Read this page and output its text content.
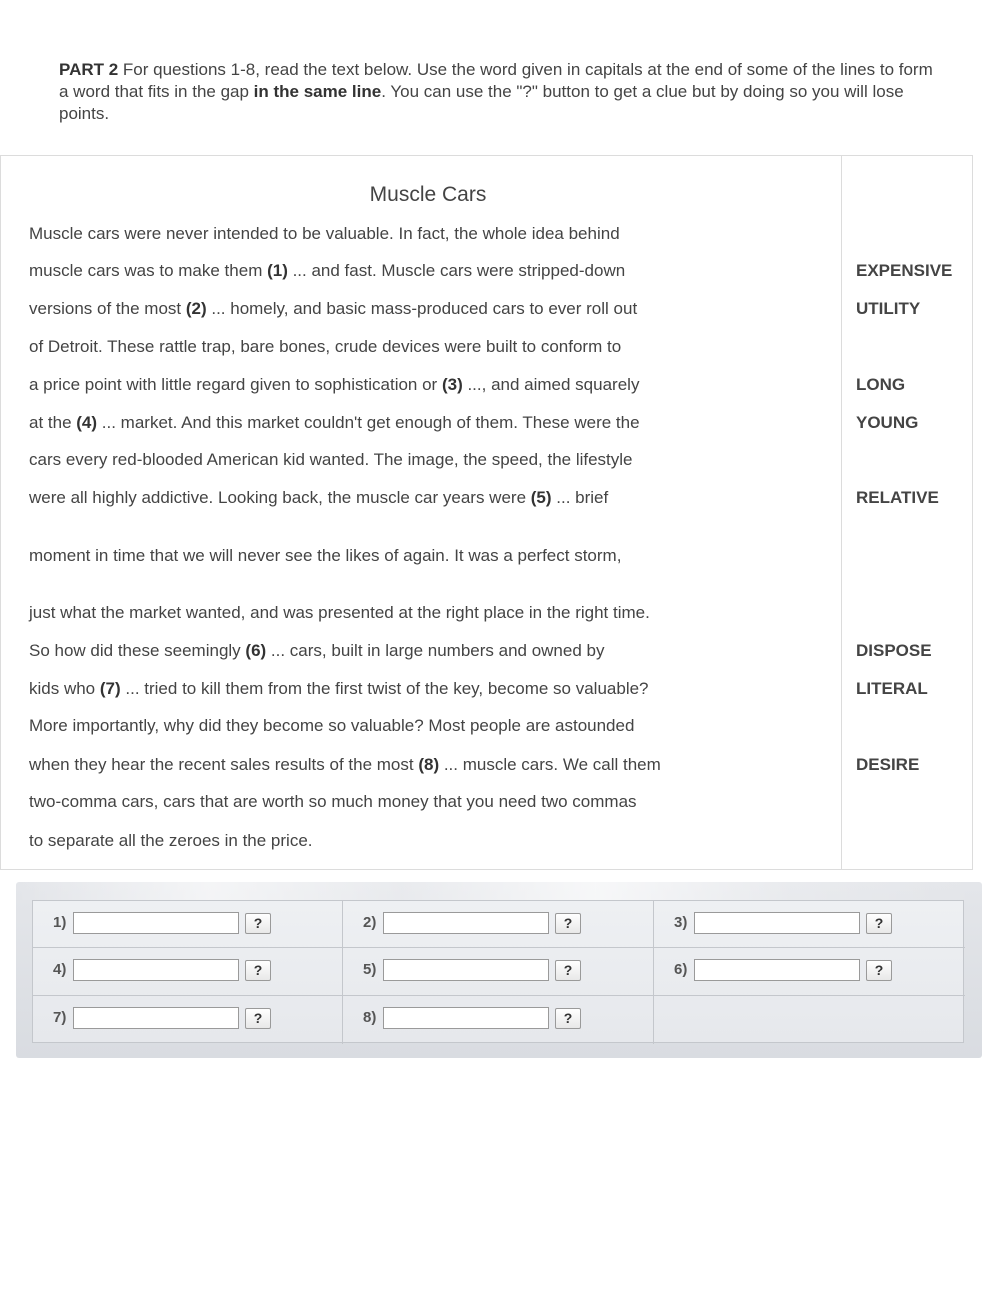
PART 2 For questions 1-8, read the text below. Use the word given in capitals at the end of some of the lines to form a word that fits in the gap in the same line. You can use the "?" button to get a clue but by doing so you will lose points.
Muscle Cars
Muscle cars were never intended to be valuable. In fact, the whole idea behind
muscle cars was to make them (1) ... and fast. Muscle cars were stripped-down
versions of the most (2) ... homely, and basic mass-produced cars to ever roll out
of Detroit. These rattle trap, bare bones, crude devices were built to conform to
a price point with little regard given to sophistication or (3) ..., and aimed squarely
at the (4) ... market. And this market couldn't get enough of them. These were the
cars every red-blooded American kid wanted. The image, the speed, the lifestyle
were all highly addictive. Looking back, the muscle car years were (5) ... brief
moment in time that we will never see the likes of again. It was a perfect storm,
just what the market wanted, and was presented at the right place in the right time.
So how did these seemingly (6) ... cars, built in large numbers and owned by
kids who (7) ... tried to kill them from the first twist of the key, become so valuable?
More importantly, why did they become so valuable? Most people are astounded
when they hear the recent sales results of the most (8) ... muscle cars. We call them
two-comma cars, cars that are worth so much money that you need two commas
to separate all the zeroes in the price.
EXPENSIVE
UTILITY
LONG
YOUNG
RELATIVE
DISPOSE
LITERAL
DESIRE
1)	?	2)	?	3)	?
4)	?	5)	?	6)	?
7)	?	8)	?
